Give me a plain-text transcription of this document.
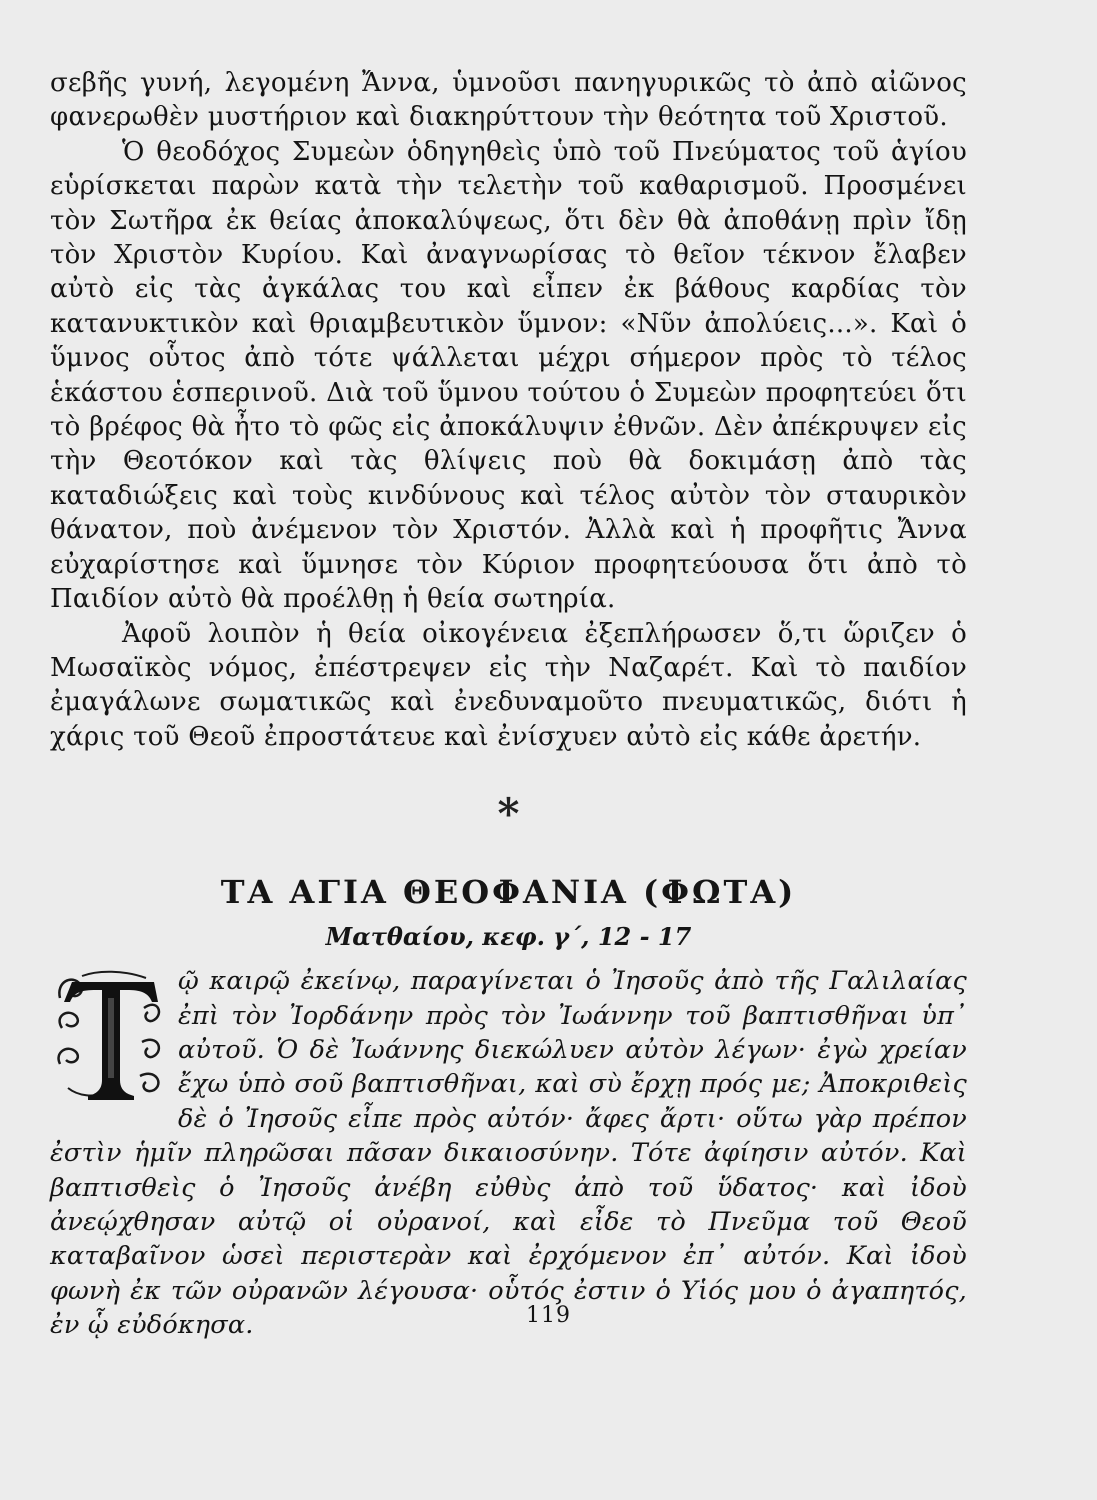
σεβῆς γυνή, λεγομένη Ἄννα, ὑμνοῦσι πανηγυρικῶς τὸ ἀπὸ αἰῶνος φανερωθὲν μυστήριον καὶ διακηρύττουν τὴν θεότητα τοῦ Χριστοῦ.

Ὁ θεοδόχος Συμεὼν ὁδηγηθεὶς ὑπὸ τοῦ Πνεύματος τοῦ ἁγίου εὑρίσκεται παρὼν κατὰ τὴν τελετὴν τοῦ καθαρισμοῦ. Προσμένει τὸν Σωτῆρα ἐκ θείας ἀποκαλύψεως, ὅτι δὲν θὰ ἀποθάνῃ πρὶν ἴδῃ τὸν Χριστὸν Κυρίου. Καὶ ἀναγνωρίσας τὸ θεῖον τέκνον ἔλαβεν αὐτὸ εἰς τὰς ἀγκάλας του καὶ εἶπεν ἐκ βάθους καρδίας τὸν κατανυκτικὸν καὶ θριαμβευτικὸν ὕμνον: «Νῦν ἀπολύεις...». Καὶ ὁ ὕμνος οὗτος ἀπὸ τότε ψάλλεται μέχρι σήμερον πρὸς τὸ τέλος ἑκάστου ἑσπερινοῦ. Διὰ τοῦ ὕμνου τούτου ὁ Συμεὼν προφητεύει ὅτι τὸ βρέφος θὰ ἦτο τὸ φῶς εἰς ἀποκάλυψιν ἐθνῶν. Δὲν ἀπέκρυψεν εἰς τὴν Θεοτόκον καὶ τὰς θλίψεις ποὺ θὰ δοκιμάσῃ ἀπὸ τὰς καταδιώξεις καὶ τοὺς κινδύνους καὶ τέλος αὐτὸν τὸν σταυρικὸν θάνατον, ποὺ ἀνέμενον τὸν Χριστόν. Ἀλλὰ καὶ ἡ προφῆτις Ἄννα εὐχαρίστησε καὶ ὕμνησε τὸν Κύριον προφητεύουσα ὅτι ἀπὸ τὸ Παιδίον αὐτὸ θὰ προέλθῃ ἡ θεία σωτηρία.

Ἀφοῦ λοιπὸν ἡ θεία οἰκογένεια ἐξεπλήρωσεν ὅ,τι ὥριζεν ὁ Μωσαϊκὸς νόμος, ἐπέστρεψεν εἰς τὴν Ναζαρέτ. Καὶ τὸ παιδίον ἐμαγάλωνε σωματικῶς καὶ ἐνεδυναμοῦτο πνευματικῶς, διότι ἡ χάρις τοῦ Θεοῦ ἐπροστάτευε καὶ ἐνίσχυεν αὐτὸ εἰς κάθε ἀρετήν.

*
ΤΑ ΑΓΙΑ ΘΕΟΦΑΝΙΑ (ΦΩΤΑ)
Ματθαίου, κεφ. γ΄, 12 - 17

ῷ καιρῷ ἐκείνῳ, παραγίνεται ὁ Ἰησοῦς ἀπὸ τῆς Γαλιλαίας ἐπὶ τὸν Ἰορδάνην πρὸς τὸν Ἰωάννην τοῦ βαπτισθῆναι ὑπ᾿ αὐτοῦ. Ὁ δὲ Ἰωάννης διεκώλυεν αὐτὸν λέγων· ἐγὼ χρείαν ἔχω ὑπὸ σοῦ βαπτισθῆναι, καὶ σὺ ἔρχῃ πρός με; Ἀποκριθεὶς δὲ ὁ Ἰησοῦς εἶπε πρὸς αὐτόν· ἄφες ἄρτι· οὕτω γὰρ πρέπον ἐστὶν ἡμῖν πληρῶσαι πᾶσαν δικαιοσύνην. Τότε ἀφίησιν αὐτόν. Καὶ βαπτισθεὶς ὁ Ἰησοῦς ἀνέβη εὐθὺς ἀπὸ τοῦ ὕδατος· καὶ ἰδοὺ ἀνεῴχθησαν αὐτῷ οἱ οὐρανοί, καὶ εἶδε τὸ Πνεῦμα τοῦ Θεοῦ καταβαῖνον ὡσεὶ περιστερὰν καὶ ἐρχόμενον ἐπ᾿ αὐτόν. Καὶ ἰδοὺ φωνὴ ἐκ τῶν οὐρανῶν λέγουσα· οὗτός ἐστιν ὁ Υἱός μου ὁ ἀγαπητός, ἐν ᾧ εὐδόκησα.	119
